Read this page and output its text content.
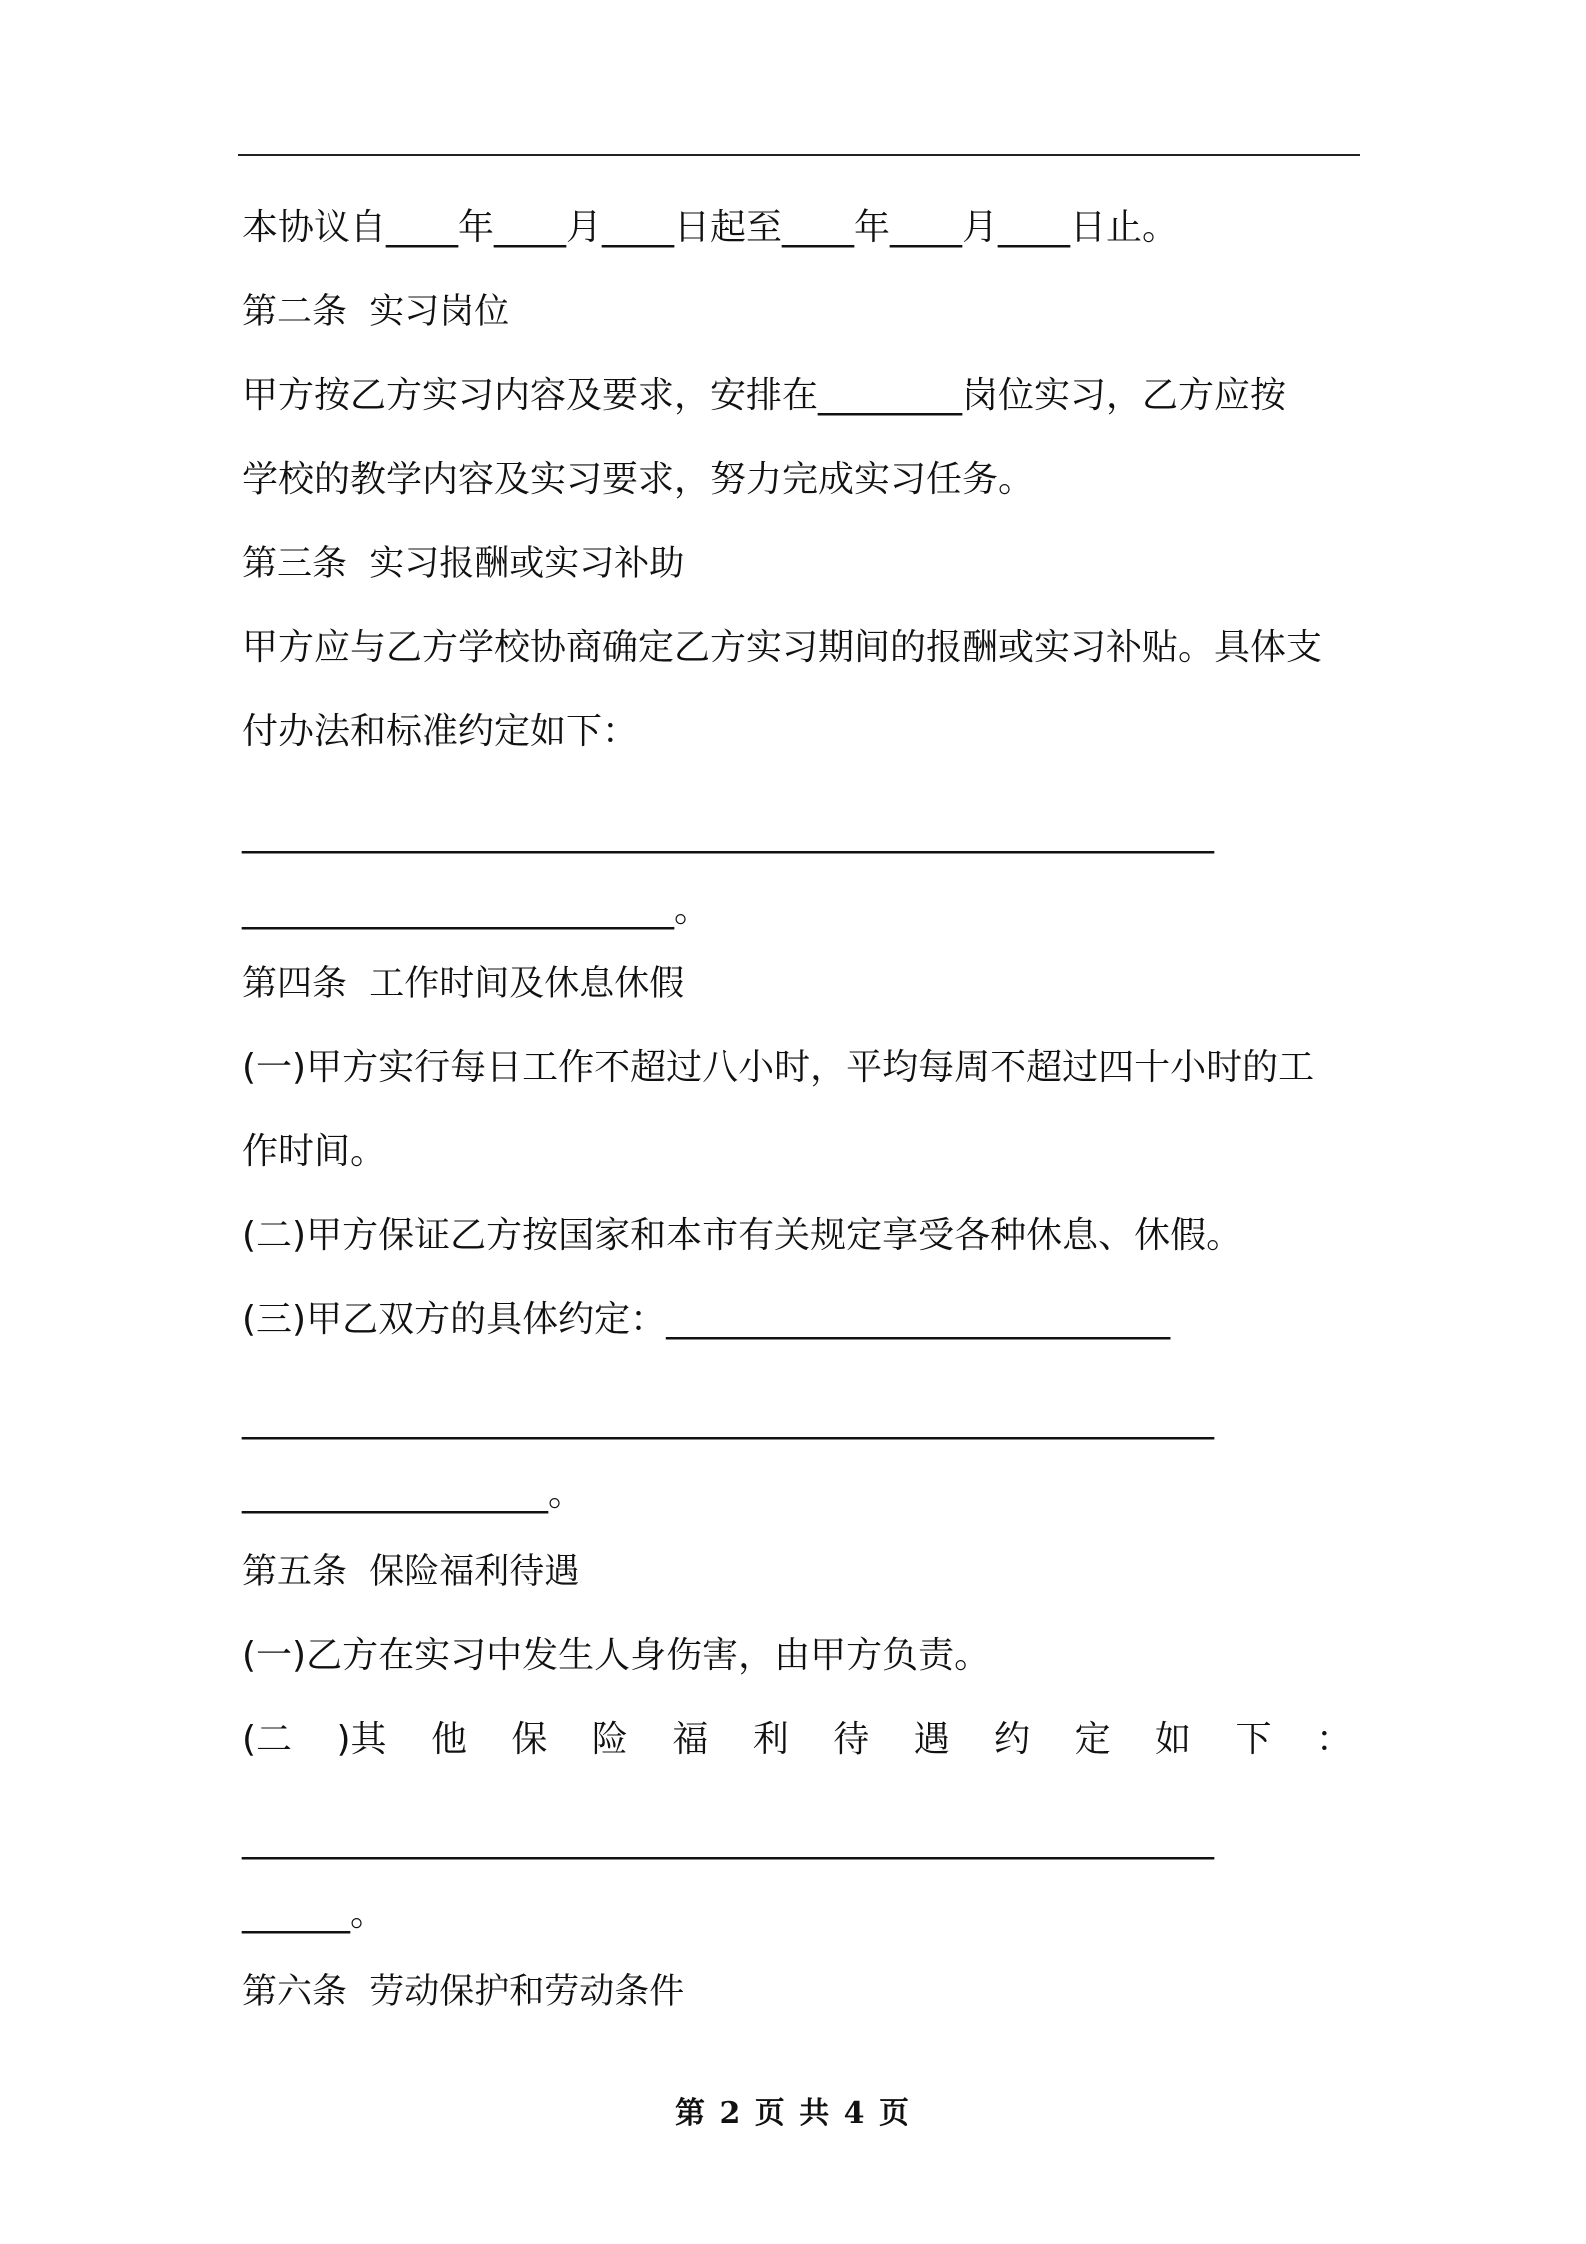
本协议自____年____月____日起至____年____月____日止。
第二条  实习岗位
甲方按乙方实习内容及要求，安排在________岗位实习，乙方应按
学校的教学内容及实习要求，努力完成实习任务。
第三条  实习报酬或实习补助
甲方应与乙方学校协商确定乙方实习期间的报酬或实习补贴。具体支
付办法和标准约定如下：
______________________________________________________
________________________。
第四条  工作时间及休息休假
(一)甲方实行每日工作不超过八小时，平均每周不超过四十小时的工
作时间。
(二)甲方保证乙方按国家和本市有关规定享受各种休息、休假。
(三)甲乙双方的具体约定：____________________________
______________________________________________________
_________________。
第五条  保险福利待遇
(一)乙方在实习中发生人身伤害，由甲方负责。
(二 )其 他 保 险 福 利 待 遇 约 定 如 下 ：
______________________________________________________
______。
第六条  劳动保护和劳动条件
第 2 页 共 4 页
